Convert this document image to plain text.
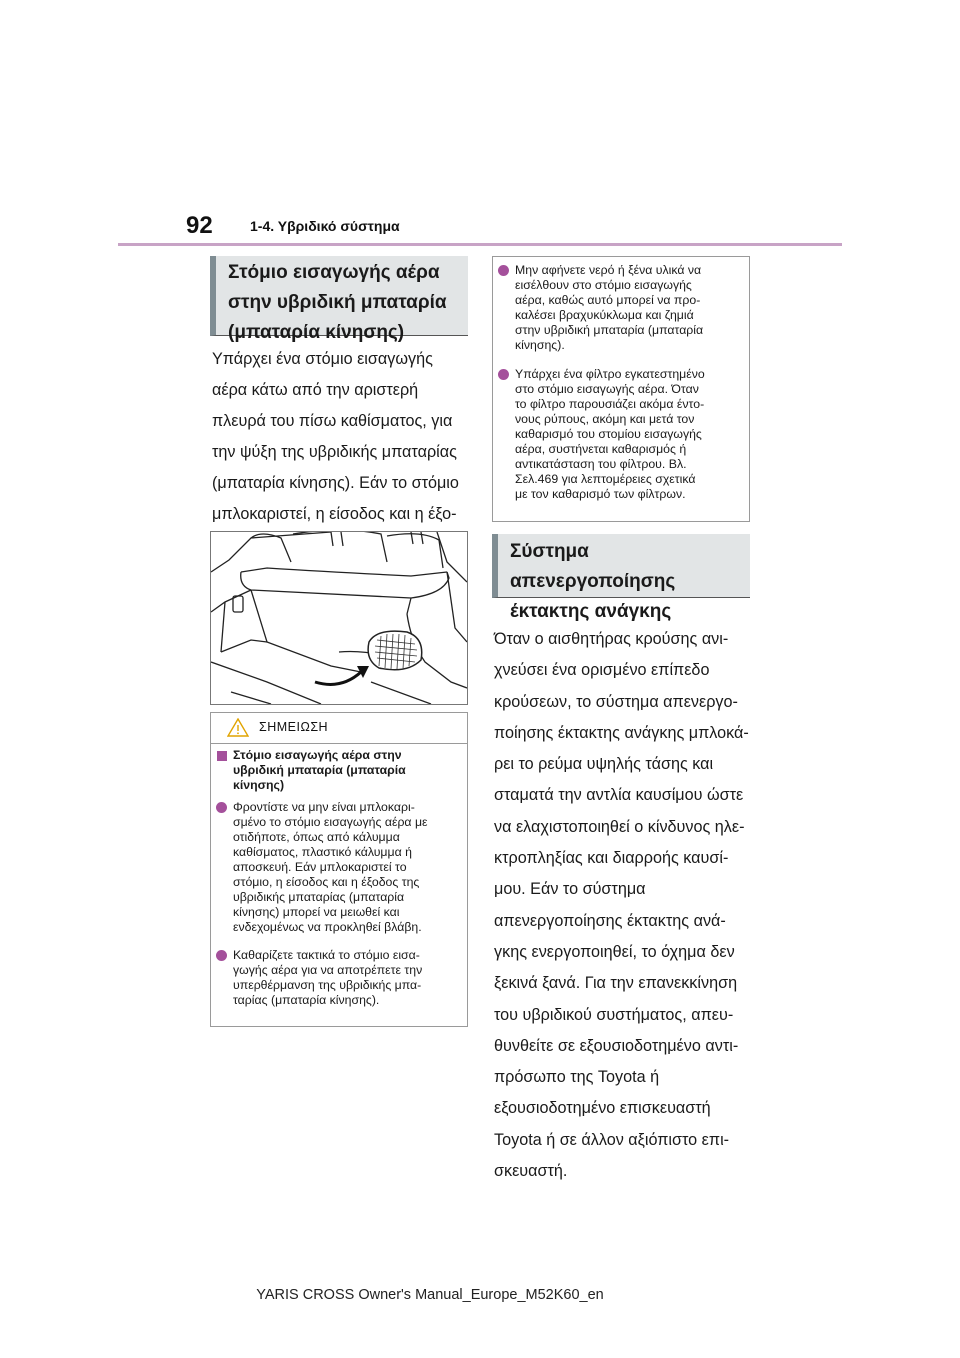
92	1-4. Υβριδικό σύστημα
Στόμιο εισαγωγής αέρα
στην υβριδική μπαταρία
(μπαταρία κίνησης)

Υπάρχει ένα στόμιο εισαγωγής

αέρα κάτω από την αριστερή

πλευρά του πίσω καθίσματος, για

την ψύξη της υβριδικής μπαταρίας

(μπαταρία κίνησης). Εάν το στόμιο

μπλοκαριστεί, η είσοδος και η έξο-

ΣΗΜΕΙΩΣΗ
Στόμιο εισαγωγής αέρα στην
υβριδική μπαταρία (μπαταρία
κίνησης)
Φροντίστε να μην είναι μπλοκαρι-
σμένο το στόμιο εισαγωγής αέρα με
οτιδήποτε, όπως από κάλυμμα
καθίσματος, πλαστικό κάλυμμα ή
αποσκευή. Εάν μπλοκαριστεί το
στόμιο, η είσοδος και η έξοδος της
υβριδικής μπαταρίας (μπαταρία
κίνησης) μπορεί να μειωθεί και
ενδεχομένως να προκληθεί βλάβη.
Καθαρίζετε τακτικά το στόμιο εισα-
γωγής αέρα για να αποτρέπετε την
υπερθέρμανση της υβριδικής μπα-
ταρίας (μπαταρία κίνησης).
Μην αφήνετε νερό ή ξένα υλικά να
εισέλθουν στο στόμιο εισαγωγής
αέρα, καθώς αυτό μπορεί να προ-
καλέσει βραχυκύκλωμα και ζημιά
στην υβριδική μπαταρία (μπαταρία
κίνησης).
Υπάρχει ένα φίλτρο εγκατεστημένο
στο στόμιο εισαγωγής αέρα. Όταν
το φίλτρο παρουσιάζει ακόμα έντο-
νους ρύπους, ακόμη και μετά τον
καθαρισμό του στομίου εισαγωγής
αέρα, συστήνεται καθαρισμός ή
αντικατάσταση του φίλτρου. Βλ.
Σελ.469 για λεπτομέρειες σχετικά
με τον καθαρισμό των φίλτρων.
Σύστημα απενεργοποίησης
έκτακτης ανάγκης

Όταν ο αισθητήρας κρούσης ανι-

χνεύσει ένα ορισμένο επίπεδο

κρούσεων, το σύστημα απενεργο-

ποίησης έκτακτης ανάγκης μπλοκά-

ρει το ρεύμα υψηλής τάσης και

σταματά την αντλία καυσίμου ώστε

να ελαχιστοποιηθεί ο κίνδυνος ηλε-

κτροπληξίας και διαρροής καυσί-

μου. Εάν το σύστημα

απενεργοποίησης έκτακτης ανά-

γκης ενεργοποιηθεί, το όχημα δεν

ξεκινά ξανά. Για την επανεκκίνηση

του υβριδικού συστήματος, απευ-

θυνθείτε σε εξουσιοδοτημένο αντι-

πρόσωπο της Toyota ή

εξουσιοδοτημένο επισκευαστή

Toyota ή σε άλλον αξιόπιστο επι-

σκευαστή.

YARIS CROSS Owner's Manual_Europe_M52K60_en
